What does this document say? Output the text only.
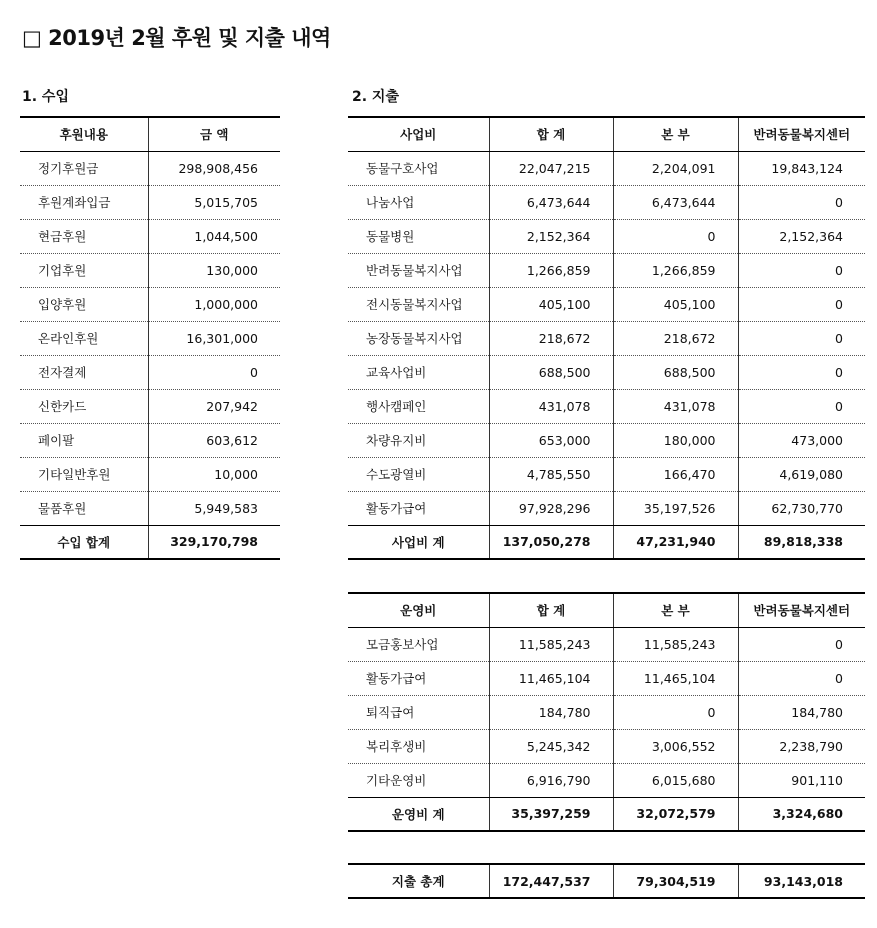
□ 2019년 2월 후원 및 지출 내역
1. 수입	2. 지출
후원내용	금 액
정기후원금	298,908,456
후원계좌입금	5,015,705
현금후원	1,044,500
기업후원	130,000
입양후원	1,000,000
온라인후원	16,301,000
전자결제	0
신한카드	207,942
페이팔	603,612
기타일반후원	10,000
물품후원	5,949,583
수입 합계	329,170,798
사업비	합 계	본 부	반려동물복지센터
동물구호사업	22,047,215	2,204,091	19,843,124
나눔사업	6,473,644	6,473,644	0
동물병원	2,152,364	0	2,152,364
반려동물복지사업	1,266,859	1,266,859	0
전시동물복지사업	405,100	405,100	0
농장동물복지사업	218,672	218,672	0
교육사업비	688,500	688,500	0
행사캠페인	431,078	431,078	0
차량유지비	653,000	180,000	473,000
수도광열비	4,785,550	166,470	4,619,080
활동가급여	97,928,296	35,197,526	62,730,770
사업비 계	137,050,278	47,231,940	89,818,338
운영비	합 계	본 부	반려동물복지센터
모금홍보사업	11,585,243	11,585,243	0
활동가급여	11,465,104	11,465,104	0
퇴직급여	184,780	0	184,780
복리후생비	5,245,342	3,006,552	2,238,790
기타운영비	6,916,790	6,015,680	901,110
운영비 계	35,397,259	32,072,579	3,324,680
지출 총계	172,447,537	79,304,519	93,143,018
